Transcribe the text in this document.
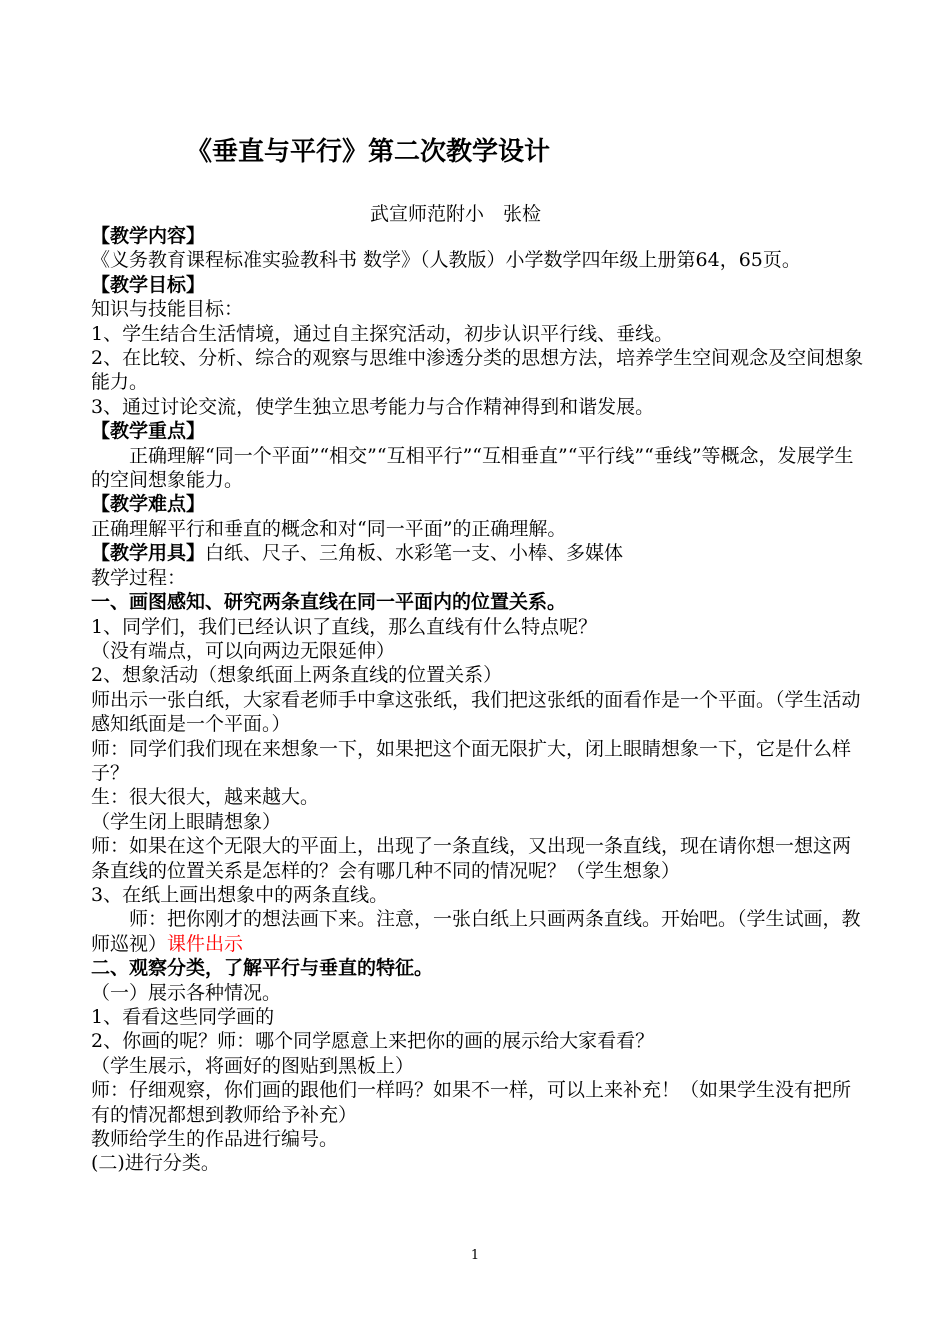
《垂直与平行》第二次教学设计
武宣师范附小　张检

【教学内容】

《义务教育课程标准实验教科书 数学》（人教版）小学数学四年级上册第64，65页。

【教学目标】

知识与技能目标：

1、学生结合生活情境，通过自主探究活动，初步认识平行线、垂线。

2、在比较、分析、综合的观察与思维中渗透分类的思想方法，培养学生空间观念及空间想象能力。

3、通过讨论交流，使学生独立思考能力与合作精神得到和谐发展。

【教学重点】

正确理解“同一个平面”“相交”“互相平行”“互相垂直”“平行线”“垂线”等概念，发展学生的空间想象能力。

【教学难点】

正确理解平行和垂直的概念和对“同一平面”的正确理解。

【教学用具】白纸、尺子、三角板、水彩笔一支、小棒、多媒体

教学过程：

一、画图感知、研究两条直线在同一平面内的位置关系。

1、同学们，我们已经认识了直线，那么直线有什么特点呢？

（没有端点，可以向两边无限延伸）

2、想象活动（想象纸面上两条直线的位置关系）

师出示一张白纸，大家看老师手中拿这张纸，我们把这张纸的面看作是一个平面。（学生活动感知纸面是一个平面。）

师：同学们我们现在来想象一下，如果把这个面无限扩大，闭上眼睛想象一下，它是什么样子？

生：很大很大，越来越大。

（学生闭上眼睛想象）

师：如果在这个无限大的平面上，出现了一条直线，又出现一条直线，现在请你想一想这两条直线的位置关系是怎样的？会有哪几种不同的情况呢？（学生想象）

3、在纸上画出想象中的两条直线。

师：把你刚才的想法画下来。注意，一张白纸上只画两条直线。开始吧。（学生试画，教师巡视）课件出示

二、观察分类，了解平行与垂直的特征。

（一）展示各种情况。

1、看看这些同学画的

2、你画的呢？师：哪个同学愿意上来把你的画的展示给大家看看？

（学生展示，将画好的图贴到黑板上）

师：仔细观察，你们画的跟他们一样吗？如果不一样，可以上来补充！（如果学生没有把所有的情况都想到教师给予补充）

教师给学生的作品进行编号。

(二)进行分类。

1
